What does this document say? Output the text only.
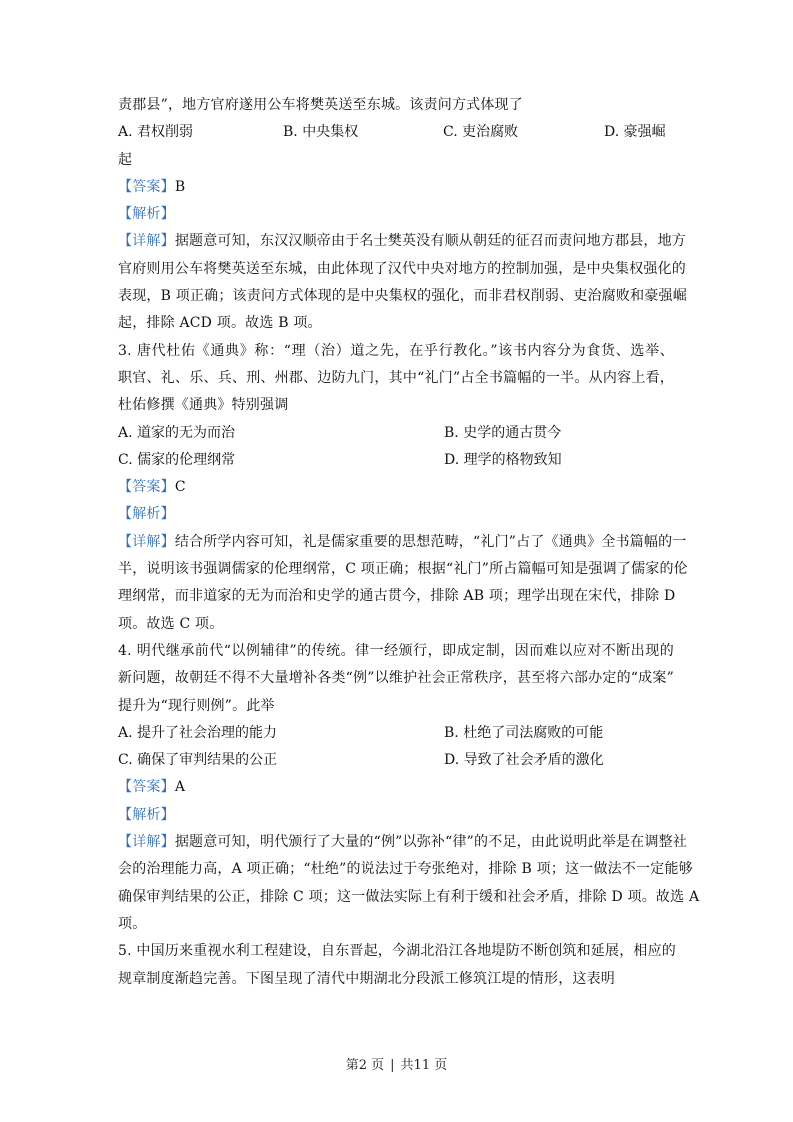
责郡县”，地方官府遂用公车将樊英送至东城。该责问方式体现了
A. 君权削弱	B. 中央集权	C. 吏治腐败	D. 豪强崛
起
【答案】B
【解析】
【详解】据题意可知，东汉汉顺帝由于名士樊英没有顺从朝廷的征召而责问地方郡县，地方
官府则用公车将樊英送至东城，由此体现了汉代中央对地方的控制加强，是中央集权强化的
表现，B 项正确；该责问方式体现的是中央集权的强化，而非君权削弱、吏治腐败和豪强崛
起，排除 ACD 项。故选 B 项。
3. 唐代杜佑《通典》称：“理（治）道之先，在乎行教化。”该书内容分为食货、选举、
职官、礼、乐、兵、刑、州郡、边防九门，其中“礼门”占全书篇幅的一半。从内容上看，
杜佑修撰《通典》特别强调
A. 道家的无为而治	B. 史学的通古贯今
C. 儒家的伦理纲常	D. 理学的格物致知
【答案】C
【解析】
【详解】结合所学内容可知，礼是儒家重要的思想范畴，“礼门”占了《通典》全书篇幅的一
半，说明该书强调儒家的伦理纲常，C 项正确；根据“礼门”所占篇幅可知是强调了儒家的伦
理纲常，而非道家的无为而治和史学的通古贯今，排除 AB 项；理学出现在宋代，排除 D
项。故选 C 项。
4. 明代继承前代“以例辅律”的传统。律一经颁行，即成定制，因而难以应对不断出现的
新问题，故朝廷不得不大量增补各类“例”以维护社会正常秩序，甚至将六部办定的“成案”
提升为“现行则例”。此举
A. 提升了社会治理的能力	B. 杜绝了司法腐败的可能
C. 确保了审判结果的公正	D. 导致了社会矛盾的激化
【答案】A
【解析】
【详解】据题意可知，明代颁行了大量的“例”以弥补“律”的不足，由此说明此举是在调整社
会的治理能力高，A 项正确；“杜绝”的说法过于夸张绝对，排除 B 项；这一做法不一定能够
确保审判结果的公正，排除 C 项；这一做法实际上有利于缓和社会矛盾，排除 D 项。故选 A
项。
5. 中国历来重视水利工程建设，自东晋起，今湖北沿江各地堤防不断创筑和延展，相应的
规章制度渐趋完善。下图呈现了清代中期湖北分段派工修筑江堤的情形，这表明
第2 页 | 共11 页
